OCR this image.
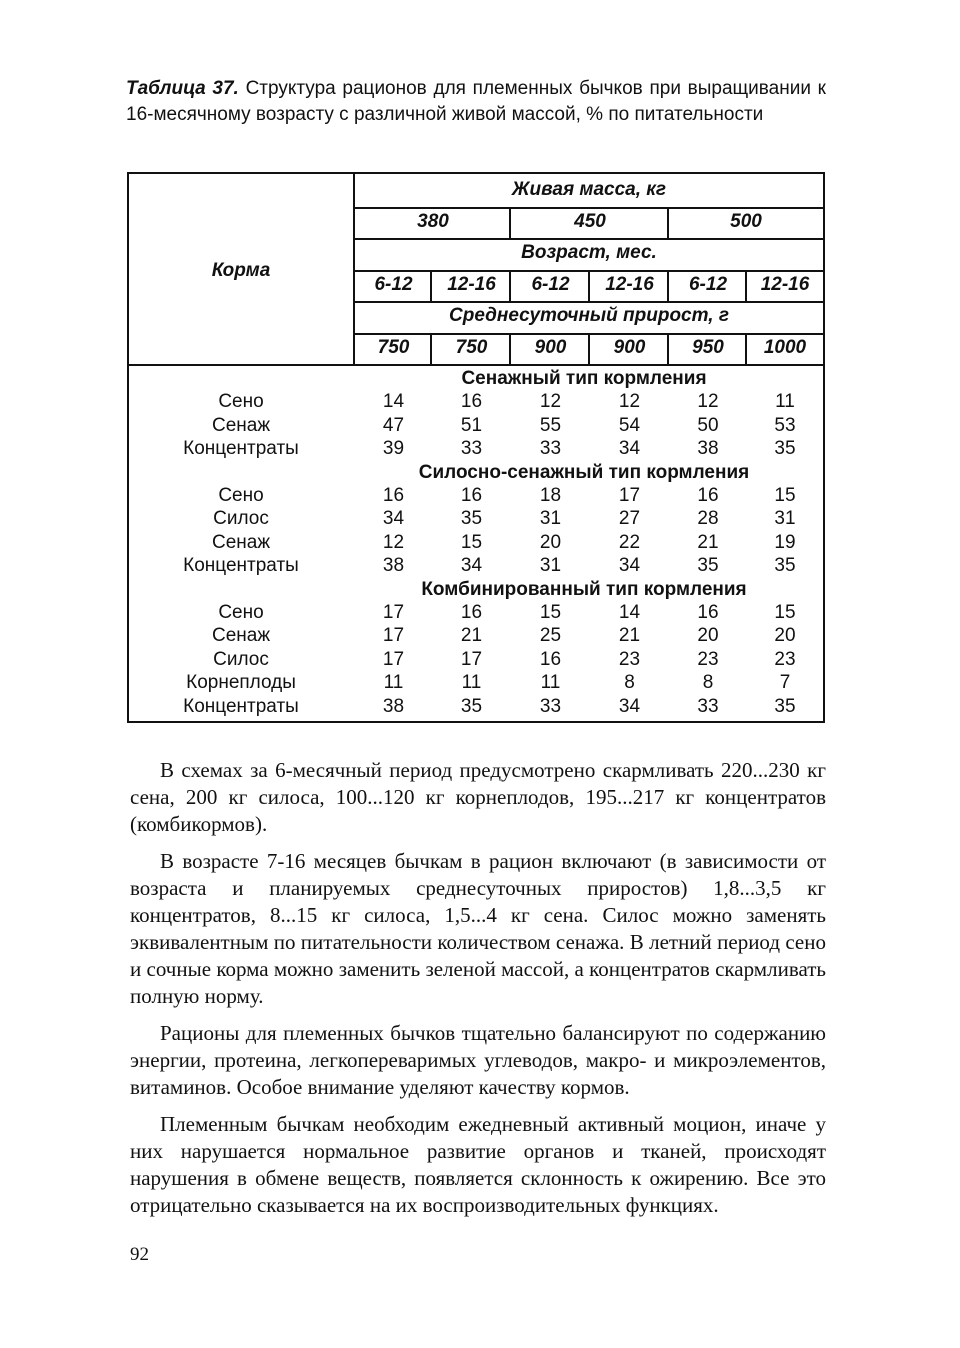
Таблица 37. Структура рационов для племенных бычков при выращивании к 16-месячному возрасту с различной живой массой, % по питательности
Корма
Живая масса, кг
380	450	500
Возраст, мес.
6-12	12-16	6-12	12-16	6-12	12-16
Среднесуточный прирост, г
750	750	900	900	950	1000
Сенажный тип кормления
Сено	14	16	12	12	12	11
Сенаж	47	51	55	54	50	53
Концентраты	39	33	33	34	38	35
Силосно-сенажный тип кормления
Сено	16	16	18	17	16	15
Силос	34	35	31	27	28	31
Сенаж	12	15	20	22	21	19
Концентраты	38	34	31	34	35	35
Комбинированный тип кормления
Сено	17	16	15	14	16	15
Сенаж	17	21	25	21	20	20
Силос	17	17	16	23	23	23
Корнеплоды	11	11	11	8	8	7
Концентраты	38	35	33	34	33	35

В схемах за 6-месячный период предусмотрено скармливать 220...230 кг сена, 200 кг силоса, 100...120 кг корнеплодов, 195...217 кг концентратов (комбикормов).

В возрасте 7-16 месяцев бычкам в рацион включают (в зависимости от возраста и планируемых среднесуточных приростов) 1,8...3,5 кг концентратов, 8...15 кг силоса, 1,5...4 кг сена. Силос можно заменять эквивалентным по питательности количеством сенажа. В летний период сено и сочные корма можно заменить зеленой массой, а концентратов скармливать полную норму.

Рационы для племенных бычков тщательно балансируют по содержанию энергии, протеина, легкопереваримых углеводов, макро- и микроэлементов, витаминов. Особое внимание уделяют качеству кормов.

Племенным бычкам необходим ежедневный активный моцион, иначе у них нарушается нормальное развитие органов и тканей, происходят нарушения в обмене веществ, появляется склонность к ожирению. Все это отрицательно сказывается на их воспроизводительных функциях.

92
